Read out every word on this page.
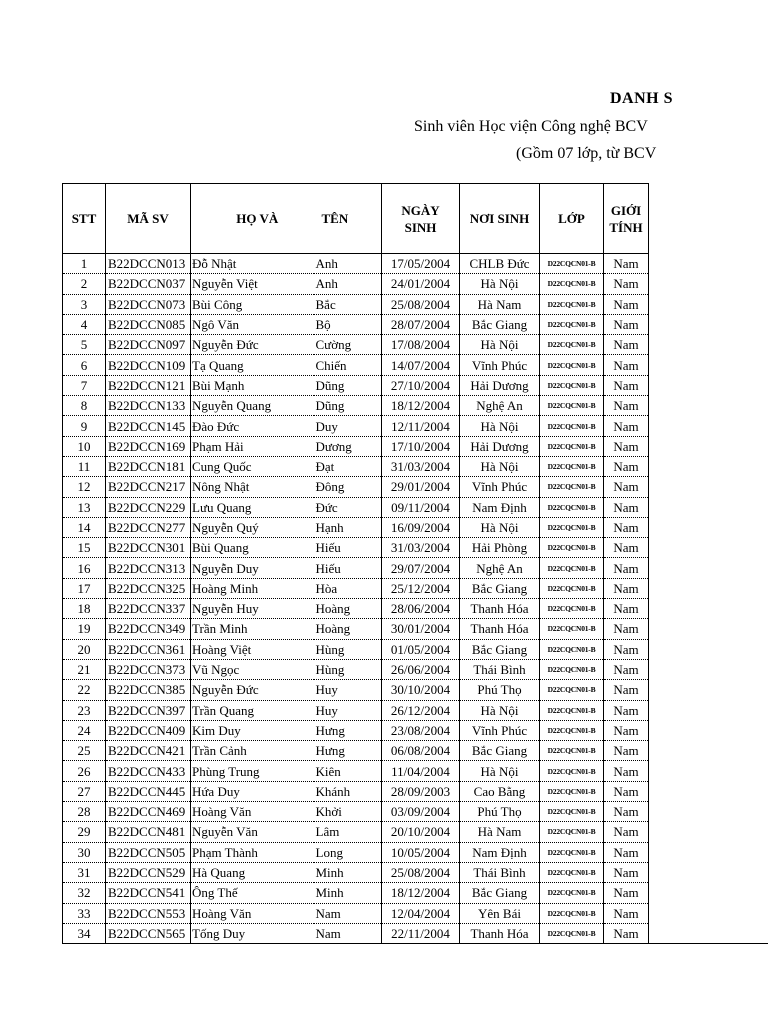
DANH S
Sinh viên Học viện Công nghệ BCV
(Gồm 07 lớp, từ BCV
STT	MÃ SV	HỌ VÀ	TÊN	NGÀY SINH	NƠI SINH	LỚP	GIỚI TÍNH	
1	B22DCCN013	Đỗ Nhật	Anh	17/05/2004	CHLB Đức	D22CQCN01-B	Nam	
2	B22DCCN037	Nguyễn Việt	Anh	24/01/2004	Hà Nội	D22CQCN01-B	Nam	
3	B22DCCN073	Bùi Công	Bắc	25/08/2004	Hà Nam	D22CQCN01-B	Nam	
4	B22DCCN085	Ngô Văn	Bộ	28/07/2004	Bắc Giang	D22CQCN01-B	Nam	
5	B22DCCN097	Nguyễn Đức	Cường	17/08/2004	Hà Nội	D22CQCN01-B	Nam	
6	B22DCCN109	Tạ Quang	Chiến	14/07/2004	Vĩnh Phúc	D22CQCN01-B	Nam	
7	B22DCCN121	Bùi Mạnh	Dũng	27/10/2004	Hải Dương	D22CQCN01-B	Nam	
8	B22DCCN133	Nguyễn Quang	Dũng	18/12/2004	Nghệ An	D22CQCN01-B	Nam	
9	B22DCCN145	Đào Đức	Duy	12/11/2004	Hà Nội	D22CQCN01-B	Nam	
10	B22DCCN169	Phạm Hải	Dương	17/10/2004	Hải Dương	D22CQCN01-B	Nam	
11	B22DCCN181	Cung Quốc	Đạt	31/03/2004	Hà Nội	D22CQCN01-B	Nam	
12	B22DCCN217	Nông Nhật	Đông	29/01/2004	Vĩnh Phúc	D22CQCN01-B	Nam	
13	B22DCCN229	Lưu Quang	Đức	09/11/2004	Nam Định	D22CQCN01-B	Nam	
14	B22DCCN277	Nguyễn Quý	Hạnh	16/09/2004	Hà Nội	D22CQCN01-B	Nam	
15	B22DCCN301	Bùi Quang	Hiếu	31/03/2004	Hải Phòng	D22CQCN01-B	Nam	
16	B22DCCN313	Nguyễn Duy	Hiếu	29/07/2004	Nghệ An	D22CQCN01-B	Nam	
17	B22DCCN325	Hoàng Minh	Hòa	25/12/2004	Bắc Giang	D22CQCN01-B	Nam	
18	B22DCCN337	Nguyễn Huy	Hoàng	28/06/2004	Thanh Hóa	D22CQCN01-B	Nam	
19	B22DCCN349	Trần Minh	Hoàng	30/01/2004	Thanh Hóa	D22CQCN01-B	Nam	
20	B22DCCN361	Hoàng Việt	Hùng	01/05/2004	Bắc Giang	D22CQCN01-B	Nam	
21	B22DCCN373	Vũ Ngọc	Hùng	26/06/2004	Thái Bình	D22CQCN01-B	Nam	
22	B22DCCN385	Nguyễn Đức	Huy	30/10/2004	Phú Thọ	D22CQCN01-B	Nam	
23	B22DCCN397	Trần Quang	Huy	26/12/2004	Hà Nội	D22CQCN01-B	Nam	
24	B22DCCN409	Kim Duy	Hưng	23/08/2004	Vĩnh Phúc	D22CQCN01-B	Nam	
25	B22DCCN421	Trần Cảnh	Hưng	06/08/2004	Bắc Giang	D22CQCN01-B	Nam	
26	B22DCCN433	Phùng Trung	Kiên	11/04/2004	Hà Nội	D22CQCN01-B	Nam	
27	B22DCCN445	Hứa Duy	Khánh	28/09/2003	Cao Bằng	D22CQCN01-B	Nam	
28	B22DCCN469	Hoàng Văn	Khởi	03/09/2004	Phú Thọ	D22CQCN01-B	Nam	
29	B22DCCN481	Nguyễn Văn	Lâm	20/10/2004	Hà Nam	D22CQCN01-B	Nam	
30	B22DCCN505	Phạm Thành	Long	10/05/2004	Nam Định	D22CQCN01-B	Nam	
31	B22DCCN529	Hà Quang	Minh	25/08/2004	Thái Bình	D22CQCN01-B	Nam	
32	B22DCCN541	Ông Thế	Minh	18/12/2004	Bắc Giang	D22CQCN01-B	Nam	
33	B22DCCN553	Hoàng Văn	Nam	12/04/2004	Yên Bái	D22CQCN01-B	Nam	
34	B22DCCN565	Tống Duy	Nam	22/11/2004	Thanh Hóa	D22CQCN01-B	Nam	
